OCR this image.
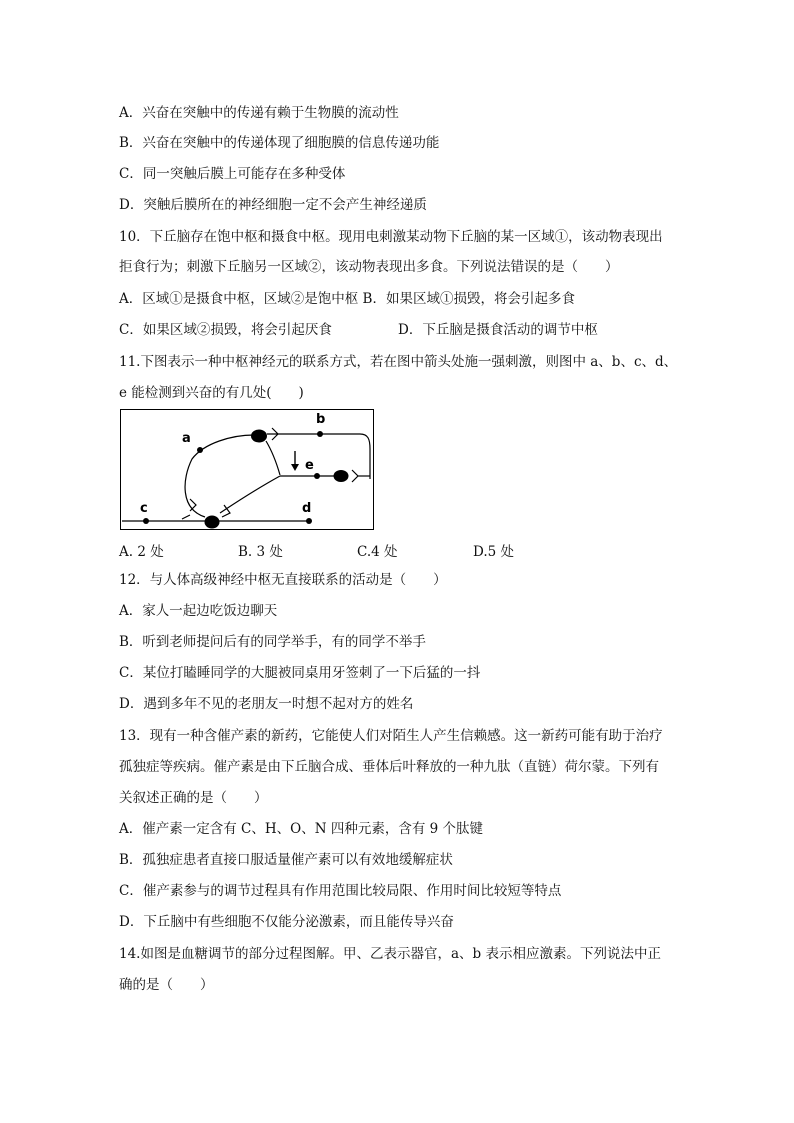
A．兴奋在突触中的传递有赖于生物膜的流动性
B．兴奋在突触中的传递体现了细胞膜的信息传递功能
C．同一突触后膜上可能存在多种受体
D．突触后膜所在的神经细胞一定不会产生神经递质
10．下丘脑存在饱中枢和摄食中枢。现用电刺激某动物下丘脑的某一区域①，该动物表现出
拒食行为；刺激下丘脑另一区域②，该动物表现出多食。下列说法错误的是（　　）
A．区域①是摄食中枢，区域②是饱中枢 B．如果区域①损毁，将会引起多食
C．如果区域②损毁，将会引起厌食	D．下丘脑是摄食活动的调节中枢
11.下图表示一种中枢神经元的联系方式，若在图中箭头处施一强刺激，则图中 a、b、c、d、
e 能检测到兴奋的有几处(　　)
a
b
c	d
e
A. 2 处	B. 3 处	C.4 处	D.5 处
12．与人体高级神经中枢无直接联系的活动是（　　）
A．家人一起边吃饭边聊天
B．听到老师提问后有的同学举手，有的同学不举手
C．某位打瞌睡同学的大腿被同桌用牙签刺了一下后猛的一抖
D．遇到多年不见的老朋友一时想不起对方的姓名
13．现有一种含催产素的新药，它能使人们对陌生人产生信赖感。这一新药可能有助于治疗
孤独症等疾病。催产素是由下丘脑合成、垂体后叶释放的一种九肽（直链）荷尔蒙。下列有
关叙述正确的是（　　）
A．催产素一定含有 C、H、O、N 四种元素，含有 9 个肽键
B．孤独症患者直接口服适量催产素可以有效地缓解症状
C．催产素参与的调节过程具有作用范围比较局限、作用时间比较短等特点
D．下丘脑中有些细胞不仅能分泌激素，而且能传导兴奋
14.如图是血糖调节的部分过程图解。甲、乙表示器官，a、b 表示相应激素。下列说法中正
确的是（　　）
